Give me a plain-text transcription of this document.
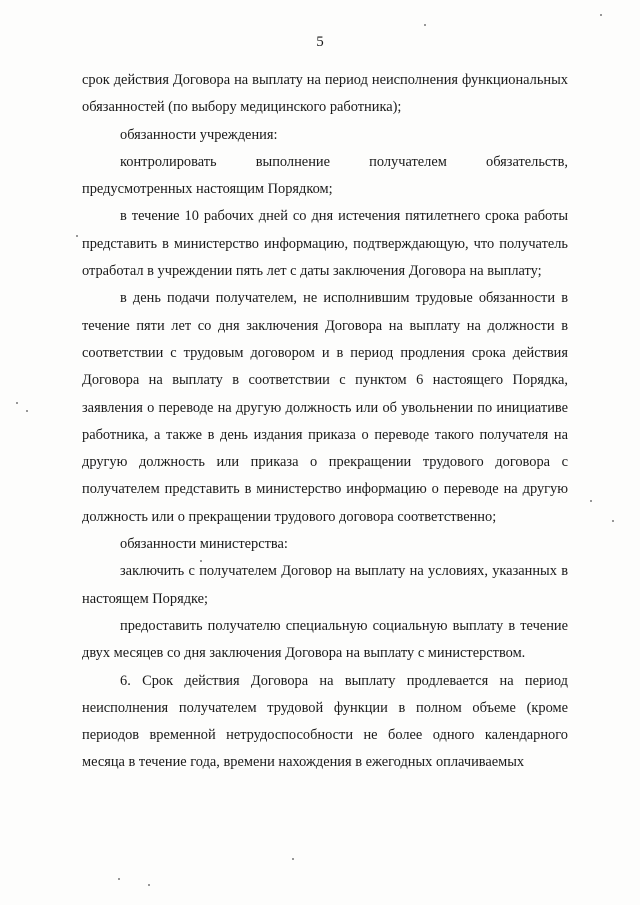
5

срок действия Договора на выплату на период неисполнения функциональных обязанностей (по выбору медицинского работника);

обязанности учреждения:

контролировать выполнение получателем обязательств, предусмотренных настоящим Порядком;

в течение 10 рабочих дней со дня истечения пятилетнего срока работы представить в министерство информацию, подтверждающую, что получатель отработал в учреждении пять лет с даты заключения Договора на выплату;

в день подачи получателем, не исполнившим трудовые обязанности в течение пяти лет со дня заключения Договора на выплату на должности в соответствии с трудовым договором и в период продления срока действия Договора на выплату в соответствии с пунктом 6 настоящего Порядка, заявления о переводе на другую должность или об увольнении по инициативе работника, а также в день издания приказа о переводе такого получателя на другую должность или приказа о прекращении трудового договора с получателем представить в министерство информацию о переводе на другую должность или о прекращении трудового договора соответственно;

обязанности министерства:

заключить с получателем Договор на выплату на условиях, указанных в настоящем Порядке;

предоставить получателю специальную социальную выплату в течение двух месяцев со дня заключения Договора на выплату с министерством.

6. Срок действия Договора на выплату продлевается на период неисполнения получателем трудовой функции в полном объеме (кроме периодов временной нетрудоспособности не более одного календарного месяца в течение года, времени нахождения в ежегодных оплачиваемых
